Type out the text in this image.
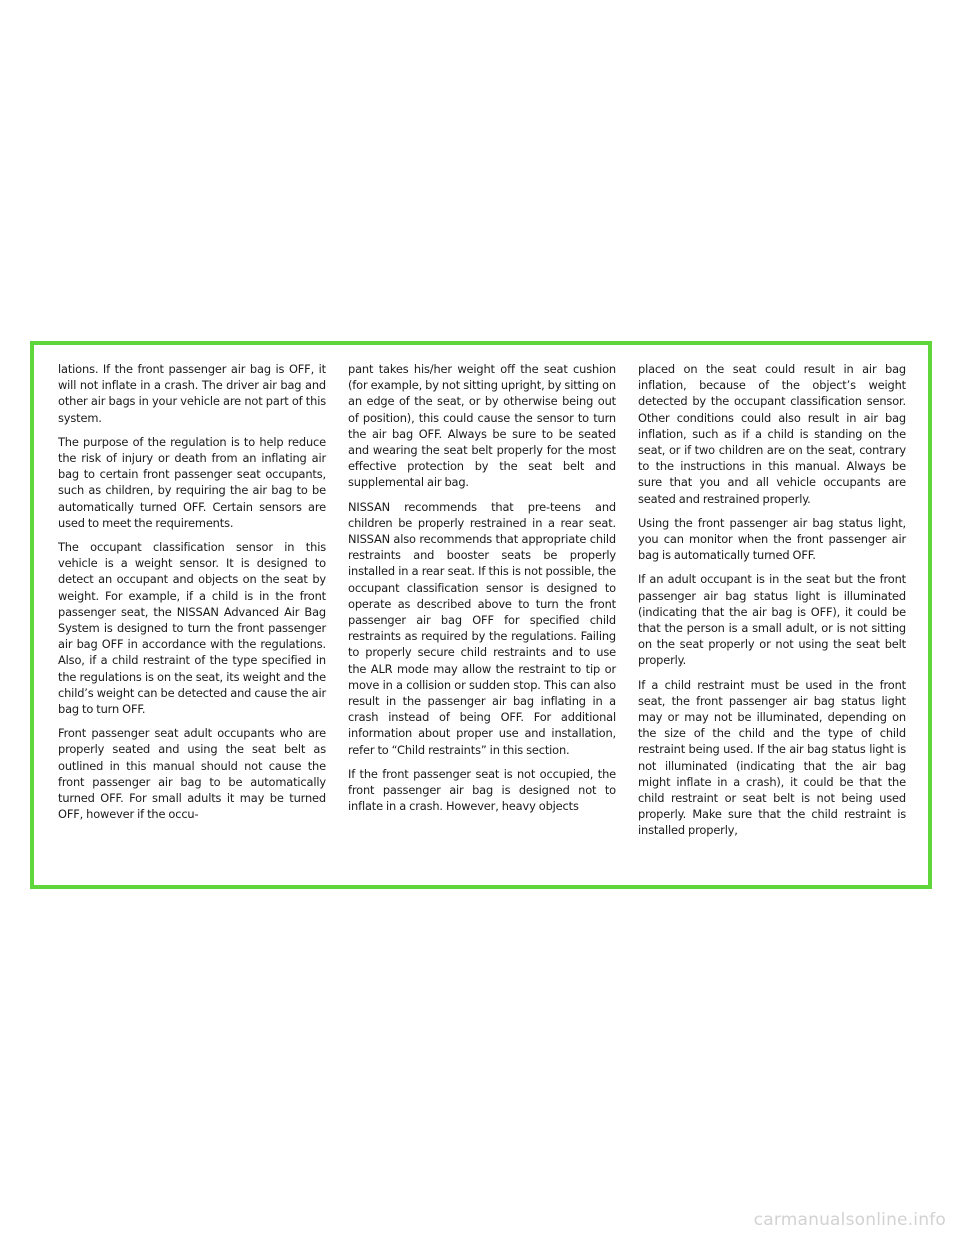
lations. If the front passenger air bag is OFF, it will not inflate in a crash. The driver air bag and other air bags in your vehicle are not part of this system.

The purpose of the regulation is to help reduce the risk of injury or death from an inflating air bag to certain front passenger seat occupants, such as children, by requiring the air bag to be automatically turned OFF. Certain sensors are used to meet the requirements.

The occupant classification sensor in this vehicle is a weight sensor. It is designed to detect an occupant and objects on the seat by weight. For example, if a child is in the front passenger seat, the NISSAN Advanced Air Bag System is designed to turn the front passenger air bag OFF in accordance with the regulations. Also, if a child restraint of the type specified in the regulations is on the seat, its weight and the child’s weight can be detected and cause the air bag to turn OFF.

Front passenger seat adult occupants who are properly seated and using the seat belt as outlined in this manual should not cause the front passenger air bag to be automatically turned OFF. For small adults it may be turned OFF, however if the occu-

pant takes his/her weight off the seat cushion (for example, by not sitting upright, by sitting on an edge of the seat, or by otherwise being out of position), this could cause the sensor to turn the air bag OFF. Always be sure to be seated and wearing the seat belt properly for the most effective protection by the seat belt and supplemental air bag.

NISSAN recommends that pre-teens and children be properly restrained in a rear seat. NISSAN also recommends that appropriate child restraints and booster seats be properly installed in a rear seat. If this is not possible, the occupant classification sensor is designed to operate as described above to turn the front passenger air bag OFF for specified child restraints as required by the regulations. Failing to properly secure child restraints and to use the ALR mode may allow the restraint to tip or move in a collision or sudden stop. This can also result in the passenger air bag inflating in a crash instead of being OFF. For additional information about proper use and installation, refer to “Child restraints” in this section.

If the front passenger seat is not occupied, the front passenger air bag is designed not to inflate in a crash. However, heavy objects

placed on the seat could result in air bag inflation, because of the object’s weight detected by the occupant classification sensor. Other conditions could also result in air bag inflation, such as if a child is standing on the seat, or if two children are on the seat, contrary to the instructions in this manual. Always be sure that you and all vehicle occupants are seated and restrained properly.

Using the front passenger air bag status light, you can monitor when the front passenger air bag is automatically turned OFF.

If an adult occupant is in the seat but the front passenger air bag status light is illuminated (indicating that the air bag is OFF), it could be that the person is a small adult, or is not sitting on the seat properly or not using the seat belt properly.

If a child restraint must be used in the front seat, the front passenger air bag status light may or may not be illuminated, depending on the size of the child and the type of child restraint being used. If the air bag status light is not illuminated (indicating that the air bag might inflate in a crash), it could be that the child restraint or seat belt is not being used properly. Make sure that the child restraint is installed properly,

carmanualsonline.info
